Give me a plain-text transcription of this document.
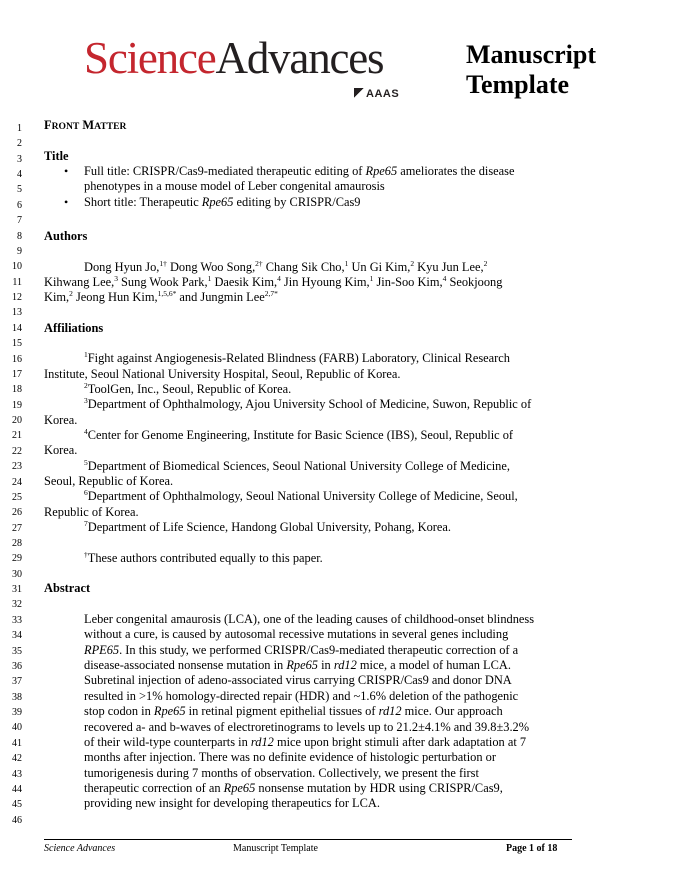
ScienceAdvances
AAAS
Manuscript
Template
1
2
3
4
5
6
7
8
9
10
11
12
13
14
15
16
17
18
19
20
21
22
23
24
25
26
27
28
29
30
31
32
33
34
35
36
37
38
39
40
41
42
43
44
45
46
FRONT MATTER
Title
• Full title: CRISPR/Cas9-mediated therapeutic editing of Rpe65 ameliorates the disease
phenotypes in a mouse model of Leber congenital amaurosis
• Short title: Therapeutic Rpe65 editing by CRISPR/Cas9
Authors
Dong Hyun Jo,$^{1\dagger}$ Dong Woo Song,$^{2\dagger}$ Chang Sik Cho,$^1$ Un Gi Kim,$^2$ Kyu Jun Lee,$^2$
Kihwang Lee,$^3$ Sung Wook Park,$^1$ Daesik Kim,$^4$ Jin Hyoung Kim,$^1$ Jin-Soo Kim,$^4$ Seokjoong
Kim,$^2$ Jeong Hun Kim,$^{1,5,6*}$ and Jungmin Lee$^{2,7*}$
Affiliations
$^1$Fight against Angiogenesis-Related Blindness (FARB) Laboratory, Clinical Research
Institute, Seoul National University Hospital, Seoul, Republic of Korea.
$^2$ToolGen, Inc., Seoul, Republic of Korea.
$^3$Department of Ophthalmology, Ajou University School of Medicine, Suwon, Republic of
Korea.
$^4$Center for Genome Engineering, Institute for Basic Science (IBS), Seoul, Republic of
Korea.
$^5$Department of Biomedical Sciences, Seoul National University College of Medicine,
Seoul, Republic of Korea.
$^6$Department of Ophthalmology, Seoul National University College of Medicine, Seoul,
Republic of Korea.
$^7$Department of Life Science, Handong Global University, Pohang, Korea.
†These authors contributed equally to this paper.
Abstract
Leber congenital amaurosis (LCA), one of the leading causes of childhood-onset blindness
without a cure, is caused by autosomal recessive mutations in several genes including
RPE65. In this study, we performed CRISPR/Cas9-mediated therapeutic correction of a
disease-associated nonsense mutation in Rpe65 in rd12 mice, a model of human LCA.
Subretinal injection of adeno-associated virus carrying CRISPR/Cas9 and donor DNA
resulted in >1% homology-directed repair (HDR) and ~1.6% deletion of the pathogenic
stop codon in Rpe65 in retinal pigment epithelial tissues of rd12 mice. Our approach
recovered a- and b-waves of electroretinograms to levels up to 21.2±4.1% and 39.8±3.2%
of their wild-type counterparts in rd12 mice upon bright stimuli after dark adaptation at 7
months after injection. There was no definite evidence of histologic perturbation or
tumorigenesis during 7 months of observation. Collectively, we present the first
therapeutic correction of an Rpe65 nonsense mutation by HDR using CRISPR/Cas9,
providing new insight for developing therapeutics for LCA.
Science Advances	Manuscript Template	Page 1 of 18
